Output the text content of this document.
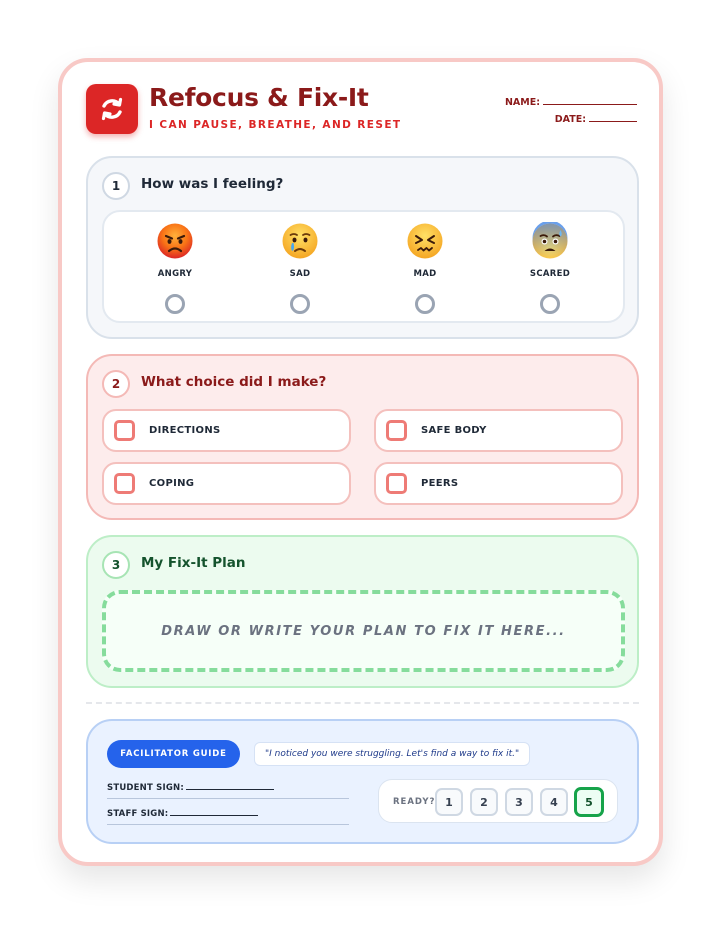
Refocus & Fix-It
I CAN PAUSE, BREATHE, AND RESET
NAME:
DATE:
1	How was I feeling?
ANGRY	SAD	MAD	SCARED
2	What choice did I make?
DIRECTIONS	SAFE BODY
COPING	PEERS
3	My Fix-It Plan
DRAW OR WRITE YOUR PLAN TO FIX IT HERE...
FACILITATOR GUIDE	"I noticed you were struggling. Let's find a way to fix it."
STUDENT SIGN:
STAFF SIGN:
READY? 1	2	3	4	5
